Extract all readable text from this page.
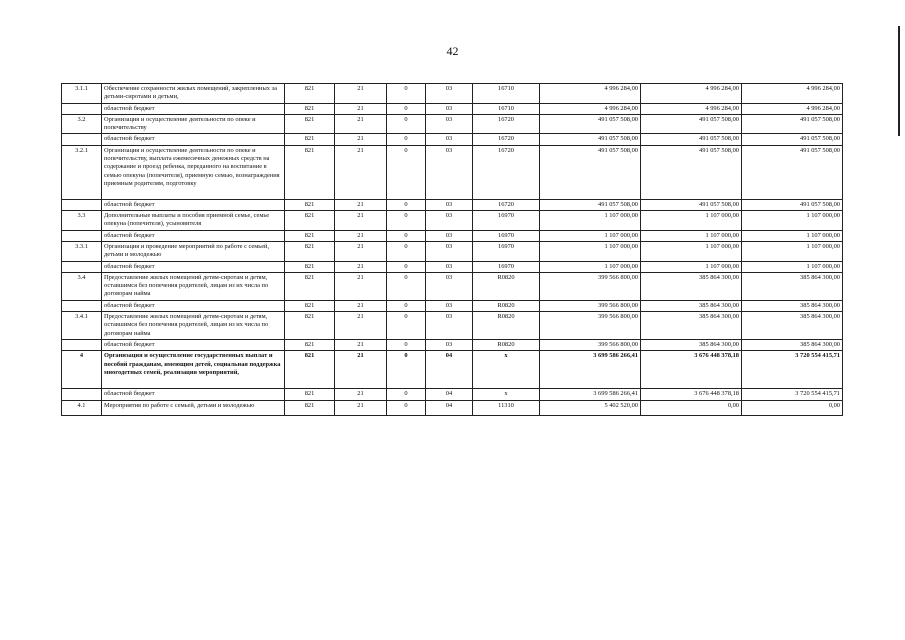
42
3.1.1	Обеспечение сохранности жилых помещений, закрепленных за детьми-сиротами и детьми,	821	21	0	03	16710	4 996 284,00	4 996 284,00	4 996 284,00
	областной бюджет	821	21	0	03	16710	4 996 284,00	4 996 284,00	4 996 284,00
3.2	Организация и осуществление деятельности по опеке и попечительству	821	21	0	03	16720	491 057 508,00	491 057 508,00	491 057 508,00
	областной бюджет	821	21	0	03	16720	491 057 508,00	491 057 508,00	491 057 508,00
3.2.1	Организация и осуществление деятельности по опеке и попечительству, выплата ежемесячных денежных средств на содержание и проезд ребенка, переданного на воспитание в семью опекуна (попечителя), приемную семью, вознаграждения приемным родителям, подготовку	821	21	0	03	16720	491 057 508,00	491 057 508,00	491 057 508,00
	областной бюджет	821	21	0	03	16720	491 057 508,00	491 057 508,00	491 057 508,00
3.3	Дополнительные выплаты и пособия приемной семье, семье опекуна (попечителя), усыновителя	821	21	0	03	16970	1 107 000,00	1 107 000,00	1 107 000,00
	областной бюджет	821	21	0	03	16970	1 107 000,00	1 107 000,00	1 107 000,00
3.3.1	Организация и проведение мероприятий по работе с семьей, детьми и молодежью	821	21	0	03	16970	1 107 000,00	1 107 000,00	1 107 000,00
	областной бюджет	821	21	0	03	16970	1 107 000,00	1 107 000,00	1 107 000,00
3.4	Предоставление жилых помещений детям-сиротам и детям, оставшимся без попечения родителей, лицам из их числа по договорам найма	821	21	0	03	R0820	399 566 800,00	385 864 300,00	385 864 300,00
	областной бюджет	821	21	0	03	R0820	399 566 800,00	385 864 300,00	385 864 300,00
3.4.1	Предоставление жилых помещений детям-сиротам и детям, оставшимся без попечения родителей, лицам из их числа по договорам найма	821	21	0	03	R0820	399 566 800,00	385 864 300,00	385 864 300,00
	областной бюджет	821	21	0	03	R0820	399 566 800,00	385 864 300,00	385 864 300,00
4	Организация и осуществление государственных выплат и пособий гражданам, имеющим детей, социальная поддержка многодетных семей, реализация мероприятий,	821	21	0	04	х	3 699 586 266,41	3 676 448 378,18	3 720 554 415,71
	областной бюджет	821	21	0	04	х	3 699 586 266,41	3 676 448 378,18	3 720 554 415,71
4.1	Мероприятия по работе с семьей, детьми и молодежью	821	21	0	04	11310	5 402 520,00	0,00	0,00
